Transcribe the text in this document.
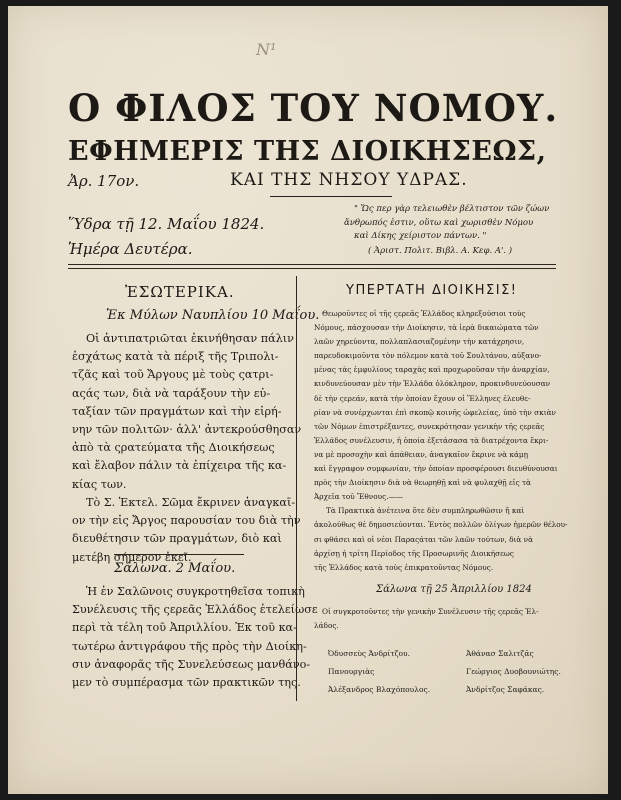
N¹
Ο ΦΙΛΟΣ ΤΟΥ ΝΟΜΟΥ.
ΕΦΗΜΕΡΙΣ ΤΗΣ ΔΙΟΙΚΗΣΕΩΣ,
Ἀρ. 17ον.	ΚΑΙ ΤΗΣ ΝΗΣΟΥ ΥΔΡΑΣ.
Ὕδρα τῇ 12. Μαΐου 1824.
Ἡμέρα Δευτέρα.
" Ὥς περ γὰρ τελειωθὲν βέλτιστον τῶν ζώων
ἄνθρωπός ἐστιν, οὕτω καὶ χωρισθὲν Νόμου
καὶ Δίκης χείριστον πάντων. "
( Ἀριστ. Πολιτ. Βιβλ. Α. Κεφ. Α'. )
ἘΣΩΤΕΡΙΚΑ.
Ἐκ Μύλων Ναυπλίου 10 Μαΐου.
Οἱ ἀντιπατριῶται ἐκινήθησαν πάλιν
ἐσχάτως κατὰ τὰ πέριξ τῆς Τριπολι-
τζᾶς καὶ τοῦ Ἄργους μὲ τοὺς ςατρι-
αςάς των, διὰ νὰ ταράξουν τὴν εὐ-
ταξίαν τῶν πραγμάτων καὶ τὴν εἰρή-
νην τῶν πολιτῶν· ἀλλ' ἀντεκρούσθησαν
ἀπὸ τὰ ςρατεύματα τῆς Διοικήσεως
καὶ ἔλαβον πάλιν τὰ ἐπίχειρα τῆς κα-
κίας των.
Τὸ Σ. Ἐκτελ. Σῶμα ἔκρινεν ἀναγκαῖ-
ον τὴν εἰς Ἄργος παρουσίαν του διὰ τὴν
διευθέτησιν τῶν πραγμάτων, διὸ καὶ
μετέβη σήμερον ἐκεῖ.
Σάλωνα. 2 Μαΐου.
Ἡ ἐν Σαλῶνοις συγκροτηθεῖσα τοπικὴ
Συνέλευσις τῆς ςερεᾶς Ἑλλάδος ἐτελείωσε
περὶ τὰ τέλη τοῦ Ἀπριλλίου. Ἐκ τοῦ κα-
τωτέρω ἀντιγράφου τῆς πρὸς τὴν Διοίκη-
σιν ἀναφορᾶς τῆς Συνελεύσεως μανθάνο-
μεν τὸ συμπέρασμα τῶν πρακτικῶν της.
ΥΠΕΡΤΑΤΗ ΔΙΟΙΚΗΣΙΣ!
Θεωροῦντες οἱ τῆς ςερεᾶς Ἑλλάδος κληρεξούσιοι τοὺς
Νόμους, πάσχουσαν τὴν Διοίκησιν, τὰ ἱερὰ δικαιώματα τῶν
λαῶν χηρεύοντα, πολλαπλασιαζομένην τὴν κατάχρησιν,
παρευδοκιμοῦντα τὸν πόλεμον κατὰ τοῦ Σουλτάνου, αὐξανο-
μένας τὰς ἐμφυλίους ταραχὰς καὶ προχωροῦσαν τὴν ἀναρχίαν,
κινδυνεύουσαν μὲν τὴν Ἑλλάδα ὁλόκληρον, προκινδυνεύουσαν
δὲ τὴν ςερεάν, κατὰ τὴν ὁποίαν ἔχουν οἱ Ἕλληνες ἐλευθε-
ρίαν νὰ συνέρχωνται ἐπὶ σκοπῷ κοινῆς ὠφελείας, ὑπὸ τὴν σκιὰν
τῶν Νόμων ἐπιστρέξαντες, συνεκρότησαν γενικὴν τῆς ςερεᾶς
Ἑλλάδος συνέλευσιν, ἡ ὁποία ἐξετάσασα τὰ διατρέχοντα ἔκρι-
να μὲ προσοχὴν καὶ ἀπάθειαν, ἀναγκαῖον ἔκρινε νὰ κάμῃ
καὶ ἔγγραφον συμφωνίαν, τὴν ὁποίαν προσφέρουσι διευθύνουσαι
πρὸς τὴν Διοίκησιν διὰ νὰ θεωρηθῇ καὶ νὰ φυλαχθῇ εἰς τὰ
Ἀρχεῖα τοῦ Ἔθνους.——
Τὰ Πρακτικὰ ἀνέτεινα ὅτε δὲν συμπληρωθῶσιν ἤ καὶ
ἀκολούθως θὲ δημοσιεύονται. Ἐντὸς πολλῶν ὀλίγων ἡμερῶν θέλου-
σι φθάσει καὶ οἱ νέοι Παραςάται τῶν λαῶν τούτων, διὰ νὰ
ἀρχίσῃ ἡ τρίτη Περίοδος τῆς Προσωρινῆς Διοικήσεως
τῆς Ἑλλάδος κατὰ τοὺς ἐπικρατοῦντας Νόμους.
Σάλωνα τῇ 25 Ἀπριλλίου 1824
Οἱ συγκροτοῦντες τὴν γενικὴν Συνέλευσιν τῆς ςερεᾶς Ἑλ-
λάδος.
Ὀδυσσεὺς Ἀνδρίτζου.
Πανουργιὰς
Ἀλέξανδρος Βλαχόπουλος.
Ἀθάνασ Σαλιτζᾶς
Γεώργιος Δυοβουνιώτης.
Ἀνδρίτζος Σαφάκας.
